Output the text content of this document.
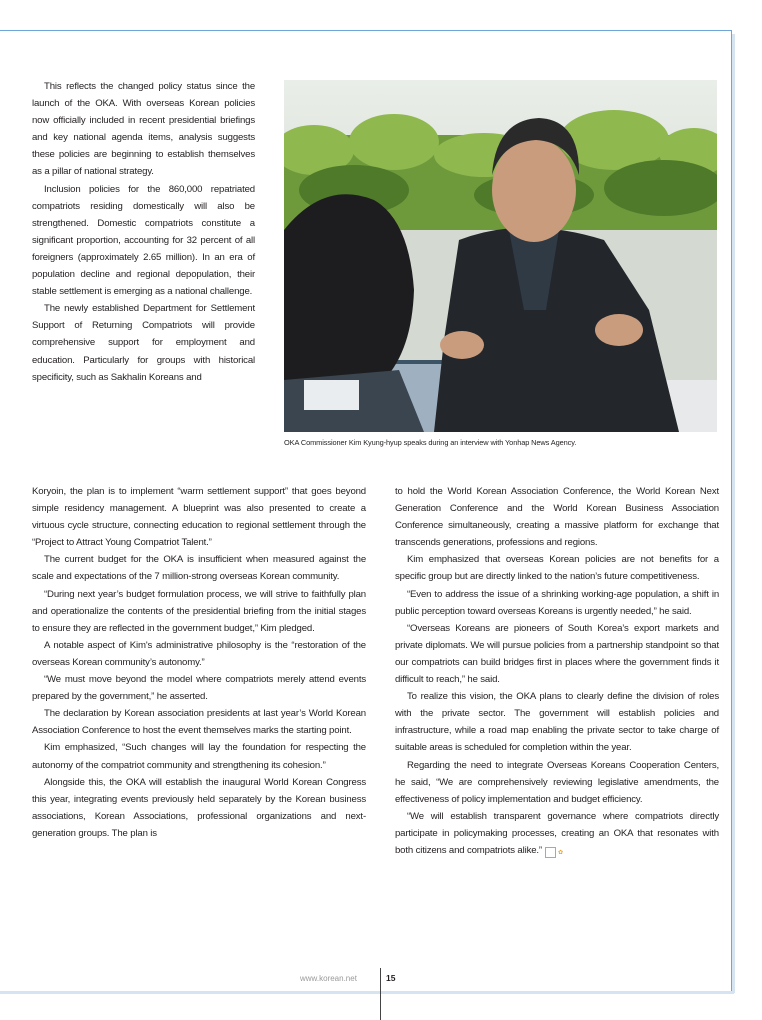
This reflects the changed policy status since the launch of the OKA. With overseas Korean policies now officially included in recent presidential briefings and key national agenda items, analysis suggests these policies are beginning to establish themselves as a pillar of national strategy.

Inclusion policies for the 860,000 repatriated compatriots residing domestically will also be strengthened. Domestic compatriots constitute a significant proportion, accounting for 32 percent of all foreigners (approximately 2.65 million). In an era of population decline and regional depopulation, their stable settlement is emerging as a national challenge.

The newly established Department for Settlement Support of Returning Compatriots will provide comprehensive support for employment and education. Particularly for groups with historical specificity, such as Sakhalin Koreans and

OKA Commissioner Kim Kyung-hyup speaks during an interview with Yonhap News Agency.

Koryoin, the plan is to implement “warm settlement support” that goes beyond simple residency management. A blueprint was also presented to create a virtuous cycle structure, connecting education to regional settlement through the “Project to Attract Young Compatriot Talent.”

The current budget for the OKA is insufficient when measured against the scale and expectations of the 7 million-strong overseas Korean community.

“During next year’s budget formulation process, we will strive to faithfully plan and operationalize the contents of the presidential briefing from the initial stages to ensure they are reflected in the government budget,” Kim pledged.

A notable aspect of Kim's administrative philosophy is the “restoration of the overseas Korean community’s autonomy.”

“We must move beyond the model where compatriots merely attend events prepared by the government,” he asserted.

The declaration by Korean association presidents at last year’s World Korean Association Conference to host the event themselves marks the starting point.

Kim emphasized, “Such changes will lay the foundation for respecting the autonomy of the compatriot community and strengthening its cohesion.”

Alongside this, the OKA will establish the inaugural World Korean Congress this year, integrating events previously held separately by the Korean business associations, Korean Associations, professional organizations and next-generation groups. The plan is

to hold the World Korean Association Conference, the World Korean Next Generation Conference and the World Korean Business Association Conference simultaneously, creating a massive platform for exchange that transcends generations, professions and regions.

Kim emphasized that overseas Korean policies are not benefits for a specific group but are directly linked to the nation’s future competitiveness.

“Even to address the issue of a shrinking working-age population, a shift in public perception toward overseas Koreans is urgently needed,” he said.

“Overseas Koreans are pioneers of South Korea’s export markets and private diplomats. We will pursue policies from a partnership standpoint so that our compatriots can build bridges first in places where the government finds it difficult to reach,” he said.

To realize this vision, the OKA plans to clearly define the division of roles with the private sector. The government will establish policies and infrastructure, while a road map enabling the private sector to take charge of suitable areas is scheduled for completion within the year.

Regarding the need to integrate Overseas Koreans Cooperation Centers, he said, “We are comprehensively reviewing legislative amendments, the effectiveness of policy implementation and budget efficiency.

“We will establish transparent governance where compatriots directly participate in policymaking processes, creating an OKA that resonates with both citizens and compatriots alike.”	✿

www.korean.net	15
